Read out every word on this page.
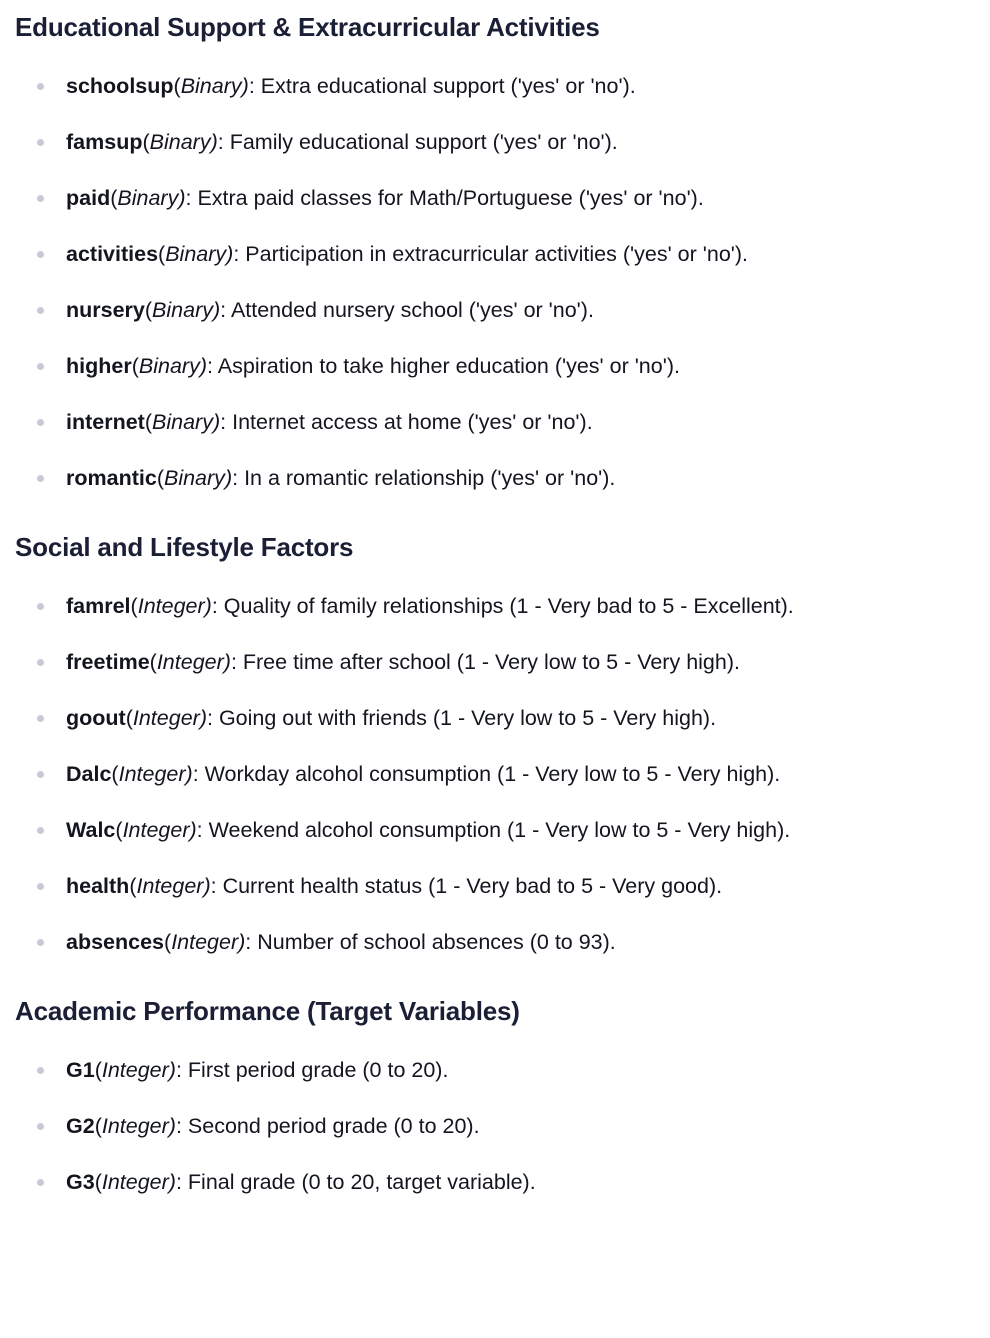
Educational Support & Extracurricular Activities
schoolsup(Binary): Extra educational support ('yes' or 'no').
famsup(Binary): Family educational support ('yes' or 'no').
paid(Binary): Extra paid classes for Math/Portuguese ('yes' or 'no').
activities(Binary): Participation in extracurricular activities ('yes' or 'no').
nursery(Binary): Attended nursery school ('yes' or 'no').
higher(Binary): Aspiration to take higher education ('yes' or 'no').
internet(Binary): Internet access at home ('yes' or 'no').
romantic(Binary): In a romantic relationship ('yes' or 'no').
Social and Lifestyle Factors
famrel(Integer): Quality of family relationships (1 - Very bad to 5 - Excellent).
freetime(Integer): Free time after school (1 - Very low to 5 - Very high).
goout(Integer): Going out with friends (1 - Very low to 5 - Very high).
Dalc(Integer): Workday alcohol consumption (1 - Very low to 5 - Very high).
Walc(Integer): Weekend alcohol consumption (1 - Very low to 5 - Very high).
health(Integer): Current health status (1 - Very bad to 5 - Very good).
absences(Integer): Number of school absences (0 to 93).
Academic Performance (Target Variables)
G1(Integer): First period grade (0 to 20).
G2(Integer): Second period grade (0 to 20).
G3(Integer): Final grade (0 to 20, target variable).
